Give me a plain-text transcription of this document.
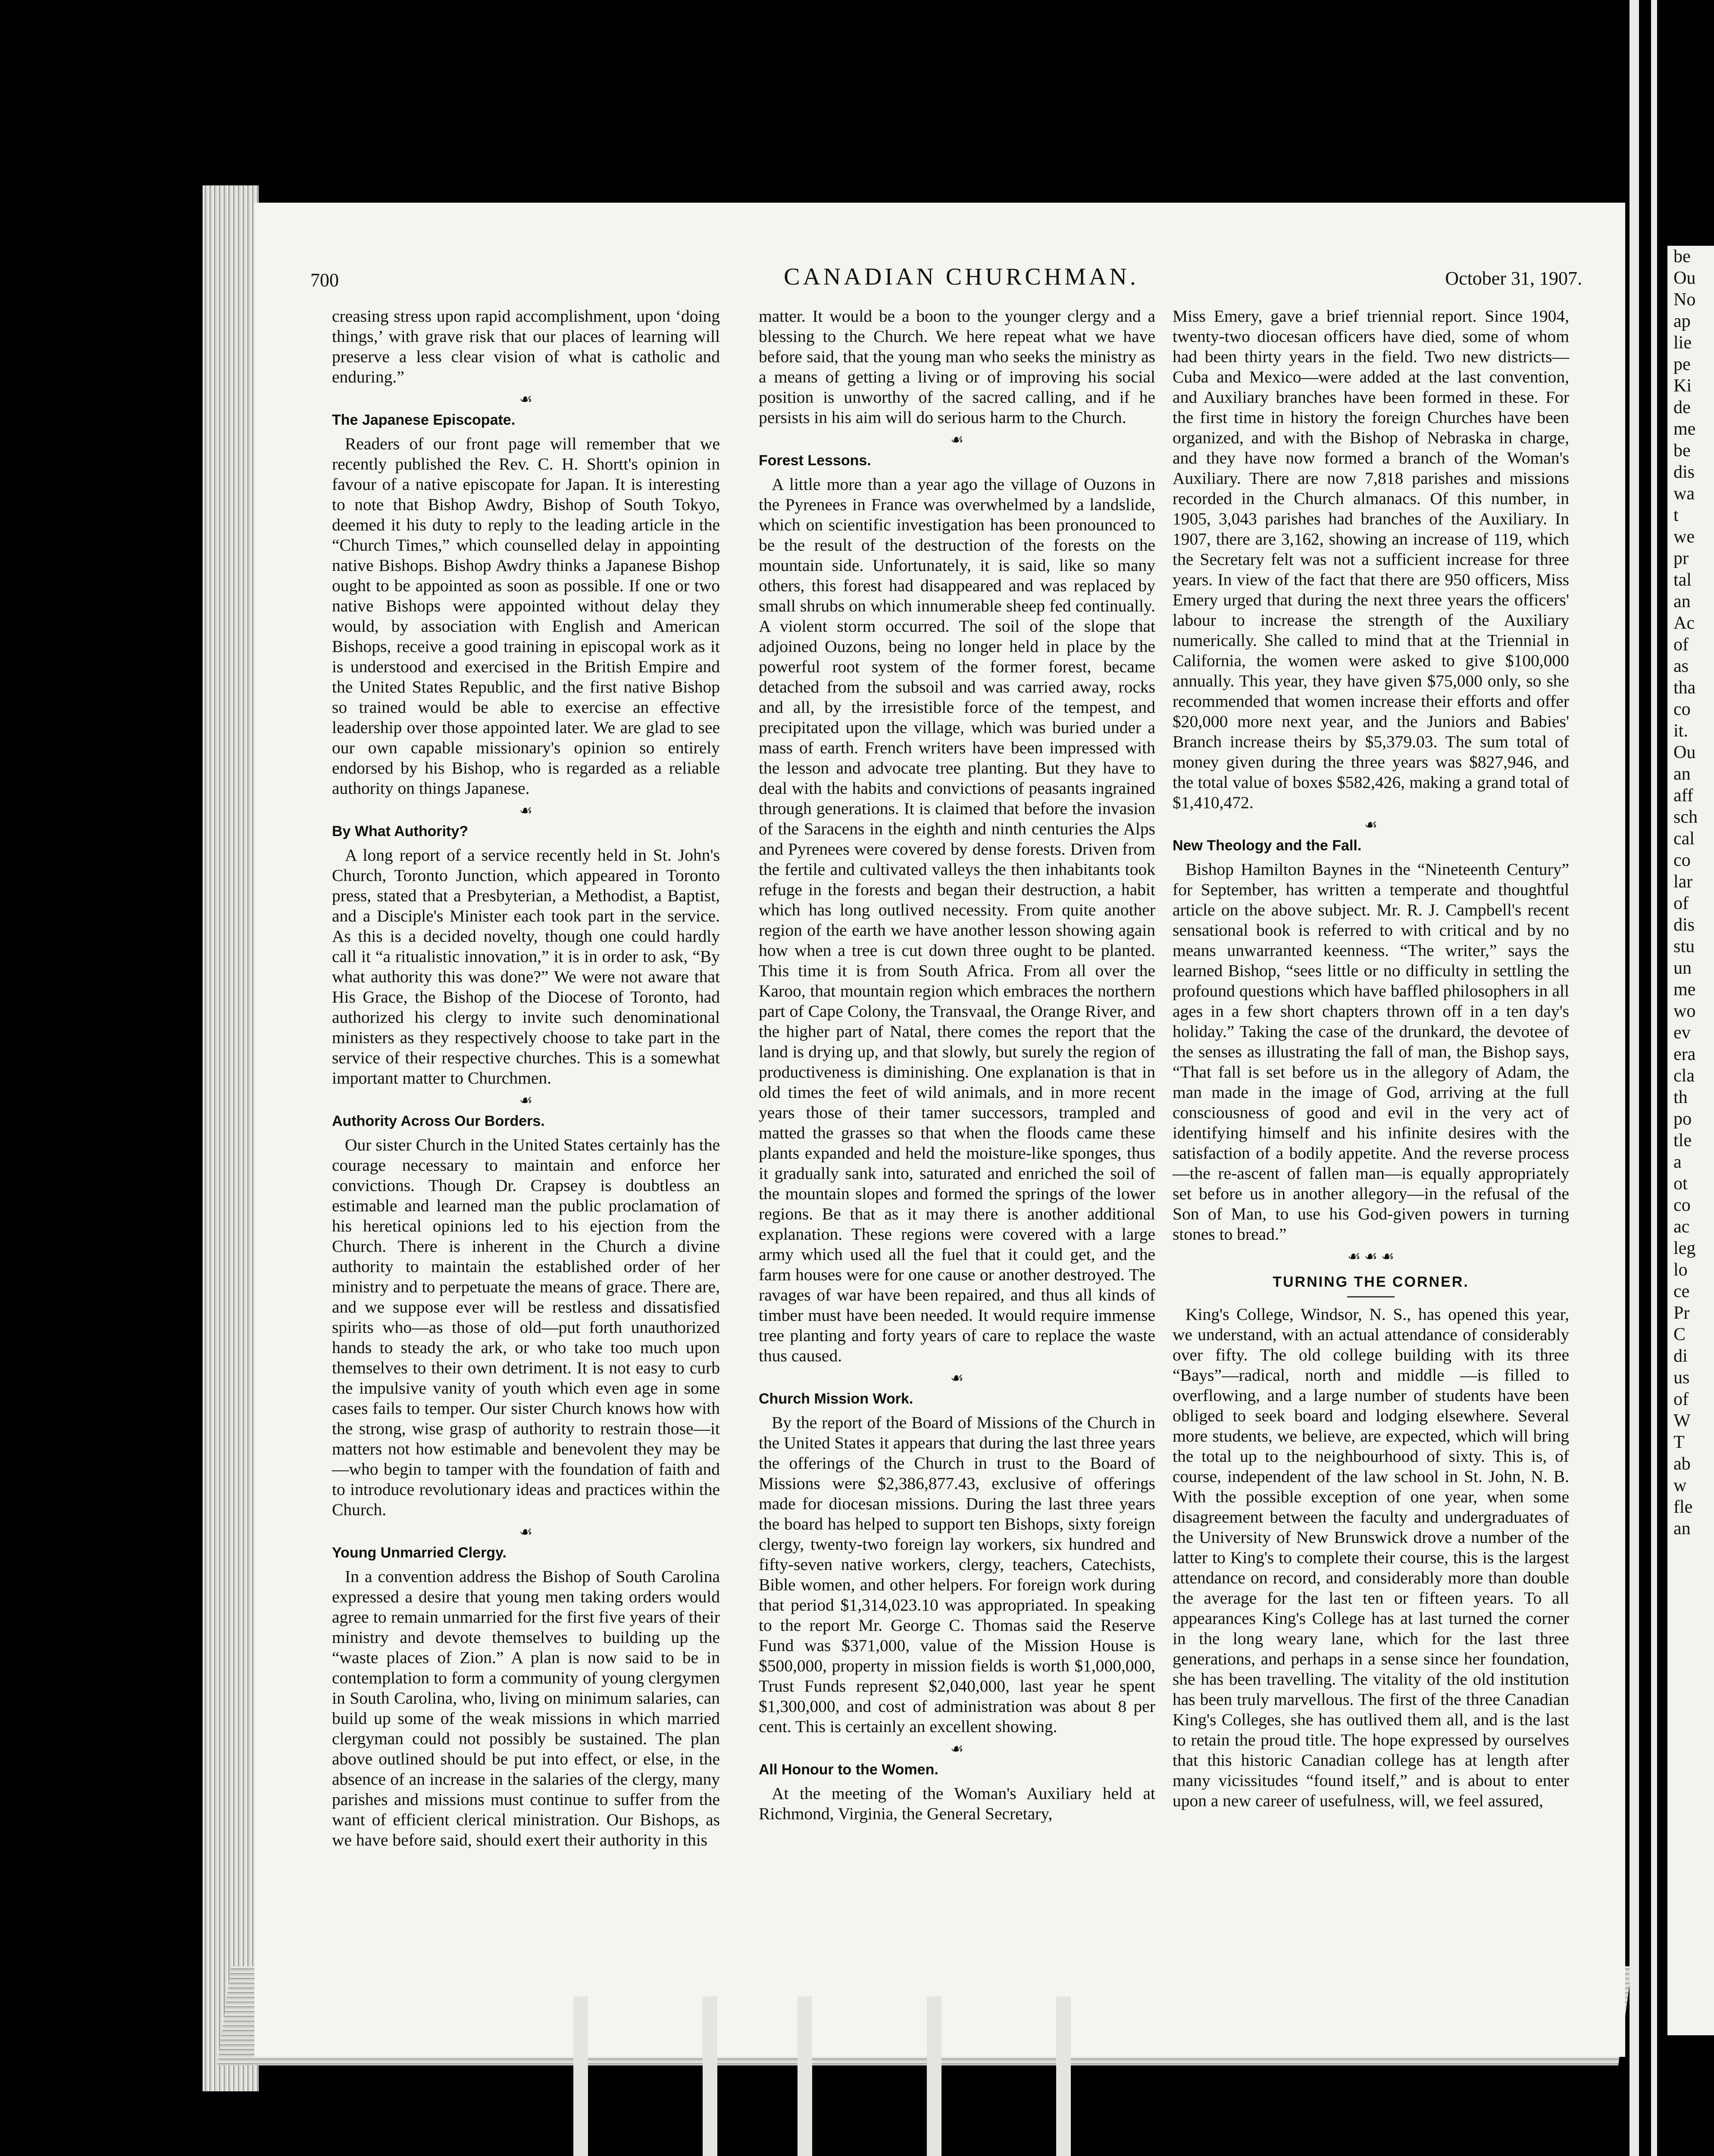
be
Ou
No
ap
lie
pe
Ki
de
me
be
dis
wa
t
we
pr
tal
an
Ac
of
as
tha
co
it.
Ou
an
aff
sch
cal
co
lar
of
dis
stu
un
me
wo
ev
era
cla
th
po
tle
a
ot
co
ac
leg
lo
ce
Pr
C
di
us
of
W
T
ab
w
fle
an
700	CANADIAN CHURCHMAN.	October 31, 1907.

creasing stress upon rapid accomplishment, upon ‘doing things,’ with grave risk that our places of learning will preserve a less clear vision of what is catholic and enduring.”

☙
The Japanese Episcopate.

Readers of our front page will remember that we recently published the Rev. C. H. Shortt's opinion in favour of a native episcopate for Japan. It is interesting to note that Bishop Awdry, Bishop of South Tokyo, deemed it his duty to reply to the leading article in the “Church Times,” which counselled delay in appointing native Bishops. Bishop Awdry thinks a Japanese Bishop ought to be appointed as soon as possible. If one or two native Bishops were appointed without delay they would, by association with English and American Bishops, receive a good training in episcopal work as it is understood and exercised in the British Empire and the United States Republic, and the first native Bishop so trained would be able to exercise an effective leadership over those appointed later. We are glad to see our own capable missionary's opinion so entirely endorsed by his Bishop, who is regarded as a reliable authority on things Japanese.

☙
By What Authority?

A long report of a service recently held in St. John's Church, Toronto Junction, which appeared in Toronto press, stated that a Presbyterian, a Methodist, a Baptist, and a Disciple's Minister each took part in the service. As this is a decided novelty, though one could hardly call it “a ritualistic innovation,” it is in order to ask, “By what authority this was done?” We were not aware that His Grace, the Bishop of the Diocese of Toronto, had authorized his clergy to invite such denominational ministers as they respectively choose to take part in the service of their respective churches. This is a somewhat important matter to Churchmen.

☙
Authority Across Our Borders.

Our sister Church in the United States certainly has the courage necessary to maintain and enforce her convictions. Though Dr. Crapsey is doubtless an estimable and learned man the public proclamation of his heretical opinions led to his ejection from the Church. There is inherent in the Church a divine authority to maintain the established order of her ministry and to perpetuate the means of grace. There are, and we suppose ever will be restless and dissatisfied spirits who—as those of old—put forth unauthorized hands to steady the ark, or who take too much upon themselves to their own detriment. It is not easy to curb the impulsive vanity of youth which even age in some cases fails to temper. Our sister Church knows how with the strong, wise grasp of authority to restrain those—it matters not how estimable and benevolent they may be—who begin to tamper with the foundation of faith and to introduce revolutionary ideas and practices within the Church.

☙
Young Unmarried Clergy.

In a convention address the Bishop of South Carolina expressed a desire that young men taking orders would agree to remain unmarried for the first five years of their ministry and devote themselves to building up the “waste places of Zion.” A plan is now said to be in contemplation to form a community of young clergymen in South Carolina, who, living on minimum salaries, can build up some of the weak missions in which married clergyman could not possibly be sustained. The plan above outlined should be put into effect, or else, in the absence of an increase in the salaries of the clergy, many parishes and missions must continue to suffer from the want of efficient clerical ministration. Our Bishops, as we have before said, should exert their authority in this

matter. It would be a boon to the younger clergy and a blessing to the Church. We here repeat what we have before said, that the young man who seeks the ministry as a means of getting a living or of improving his social position is unworthy of the sacred calling, and if he persists in his aim will do serious harm to the Church.

☙
Forest Lessons.

A little more than a year ago the village of Ouzons in the Pyrenees in France was overwhelmed by a landslide, which on scientific investigation has been pronounced to be the result of the destruction of the forests on the mountain side. Unfortunately, it is said, like so many others, this forest had disappeared and was replaced by small shrubs on which innumerable sheep fed continually. A violent storm occurred. The soil of the slope that adjoined Ouzons, being no longer held in place by the powerful root system of the former forest, became detached from the subsoil and was carried away, rocks and all, by the irresistible force of the tempest, and precipitated upon the village, which was buried under a mass of earth. French writers have been impressed with the lesson and advocate tree planting. But they have to deal with the habits and convictions of peasants ingrained through generations. It is claimed that before the invasion of the Saracens in the eighth and ninth centuries the Alps and Pyrenees were covered by dense forests. Driven from the fertile and cultivated valleys the then inhabitants took refuge in the forests and began their destruction, a habit which has long outlived necessity. From quite another region of the earth we have another lesson showing again how when a tree is cut down three ought to be planted. This time it is from South Africa. From all over the Karoo, that mountain region which embraces the northern part of Cape Colony, the Transvaal, the Orange River, and the higher part of Natal, there comes the report that the land is drying up, and that slowly, but surely the region of productiveness is diminishing. One explanation is that in old times the feet of wild animals, and in more recent years those of their tamer successors, trampled and matted the grasses so that when the floods came these plants expanded and held the moisture-like sponges, thus it gradually sank into, saturated and enriched the soil of the mountain slopes and formed the springs of the lower regions. Be that as it may there is another additional explanation. These regions were covered with a large army which used all the fuel that it could get, and the farm houses were for one cause or another destroyed. The ravages of war have been repaired, and thus all kinds of timber must have been needed. It would require immense tree planting and forty years of care to replace the waste thus caused.

☙
Church Mission Work.

By the report of the Board of Missions of the Church in the United States it appears that during the last three years the offerings of the Church in trust to the Board of Missions were $2,386,877.43, exclusive of offerings made for diocesan missions. During the last three years the board has helped to support ten Bishops, sixty foreign clergy, twenty-two foreign lay workers, six hundred and fifty-seven native workers, clergy, teachers, Catechists, Bible women, and other helpers. For foreign work during that period $1,314,023.10 was appropriated. In speaking to the report Mr. George C. Thomas said the Reserve Fund was $371,000, value of the Mission House is $500,000, property in mission fields is worth $1,000,000, Trust Funds represent $2,040,000, last year he spent $1,300,000, and cost of administration was about 8 per cent. This is certainly an excellent showing.

☙
All Honour to the Women.

At the meeting of the Woman's Auxiliary held at Richmond, Virginia, the General Secretary,

Miss Emery, gave a brief triennial report. Since 1904, twenty-two diocesan officers have died, some of whom had been thirty years in the field. Two new districts—Cuba and Mexico—were added at the last convention, and Auxiliary branches have been formed in these. For the first time in history the foreign Churches have been organized, and with the Bishop of Nebraska in charge, and they have now formed a branch of the Woman's Auxiliary. There are now 7,818 parishes and missions recorded in the Church almanacs. Of this number, in 1905, 3,043 parishes had branches of the Auxiliary. In 1907, there are 3,162, showing an increase of 119, which the Secretary felt was not a sufficient increase for three years. In view of the fact that there are 950 officers, Miss Emery urged that during the next three years the officers' labour to increase the strength of the Auxiliary numerically. She called to mind that at the Triennial in California, the women were asked to give $100,000 annually. This year, they have given $75,000 only, so she recommended that women increase their efforts and offer $20,000 more next year, and the Juniors and Babies' Branch increase theirs by $5,379.03. The sum total of money given during the three years was $827,946, and the total value of boxes $582,426, making a grand total of $1,410,472.

☙
New Theology and the Fall.

Bishop Hamilton Baynes in the “Nineteenth Century” for September, has written a temperate and thoughtful article on the above subject. Mr. R. J. Campbell's recent sensational book is referred to with critical and by no means unwarranted keenness. “The writer,” says the learned Bishop, “sees little or no difficulty in settling the profound questions which have baffled philosophers in all ages in a few short chapters thrown off in a ten day's holiday.” Taking the case of the drunkard, the devotee of the senses as illustrating the fall of man, the Bishop says, “That fall is set before us in the allegory of Adam, the man made in the image of God, arriving at the full consciousness of good and evil in the very act of identifying himself and his infinite desires with the satisfaction of a bodily appetite. And the reverse process—the re-ascent of fallen man—is equally appropriately set before us in another allegory—in the refusal of the Son of Man, to use his God-given powers in turning stones to bread.”

☙ ☙ ☙
TURNING THE CORNER.

King's College, Windsor, N. S., has opened this year, we understand, with an actual attendance of considerably over fifty. The old college building with its three “Bays”—radical, north and middle —is filled to overflowing, and a large number of students have been obliged to seek board and lodging elsewhere. Several more students, we believe, are expected, which will bring the total up to the neighbourhood of sixty. This is, of course, independent of the law school in St. John, N. B. With the possible exception of one year, when some disagreement between the faculty and undergraduates of the University of New Brunswick drove a number of the latter to King's to complete their course, this is the largest attendance on record, and considerably more than double the average for the last ten or fifteen years. To all appearances King's College has at last turned the corner in the long weary lane, which for the last three generations, and perhaps in a sense since her foundation, she has been travelling. The vitality of the old institution has been truly marvellous. The first of the three Canadian King's Colleges, she has outlived them all, and is the last to retain the proud title. The hope expressed by ourselves that this historic Canadian college has at length after many vicissitudes “found itself,” and is about to enter upon a new career of usefulness, will, we feel assured,
